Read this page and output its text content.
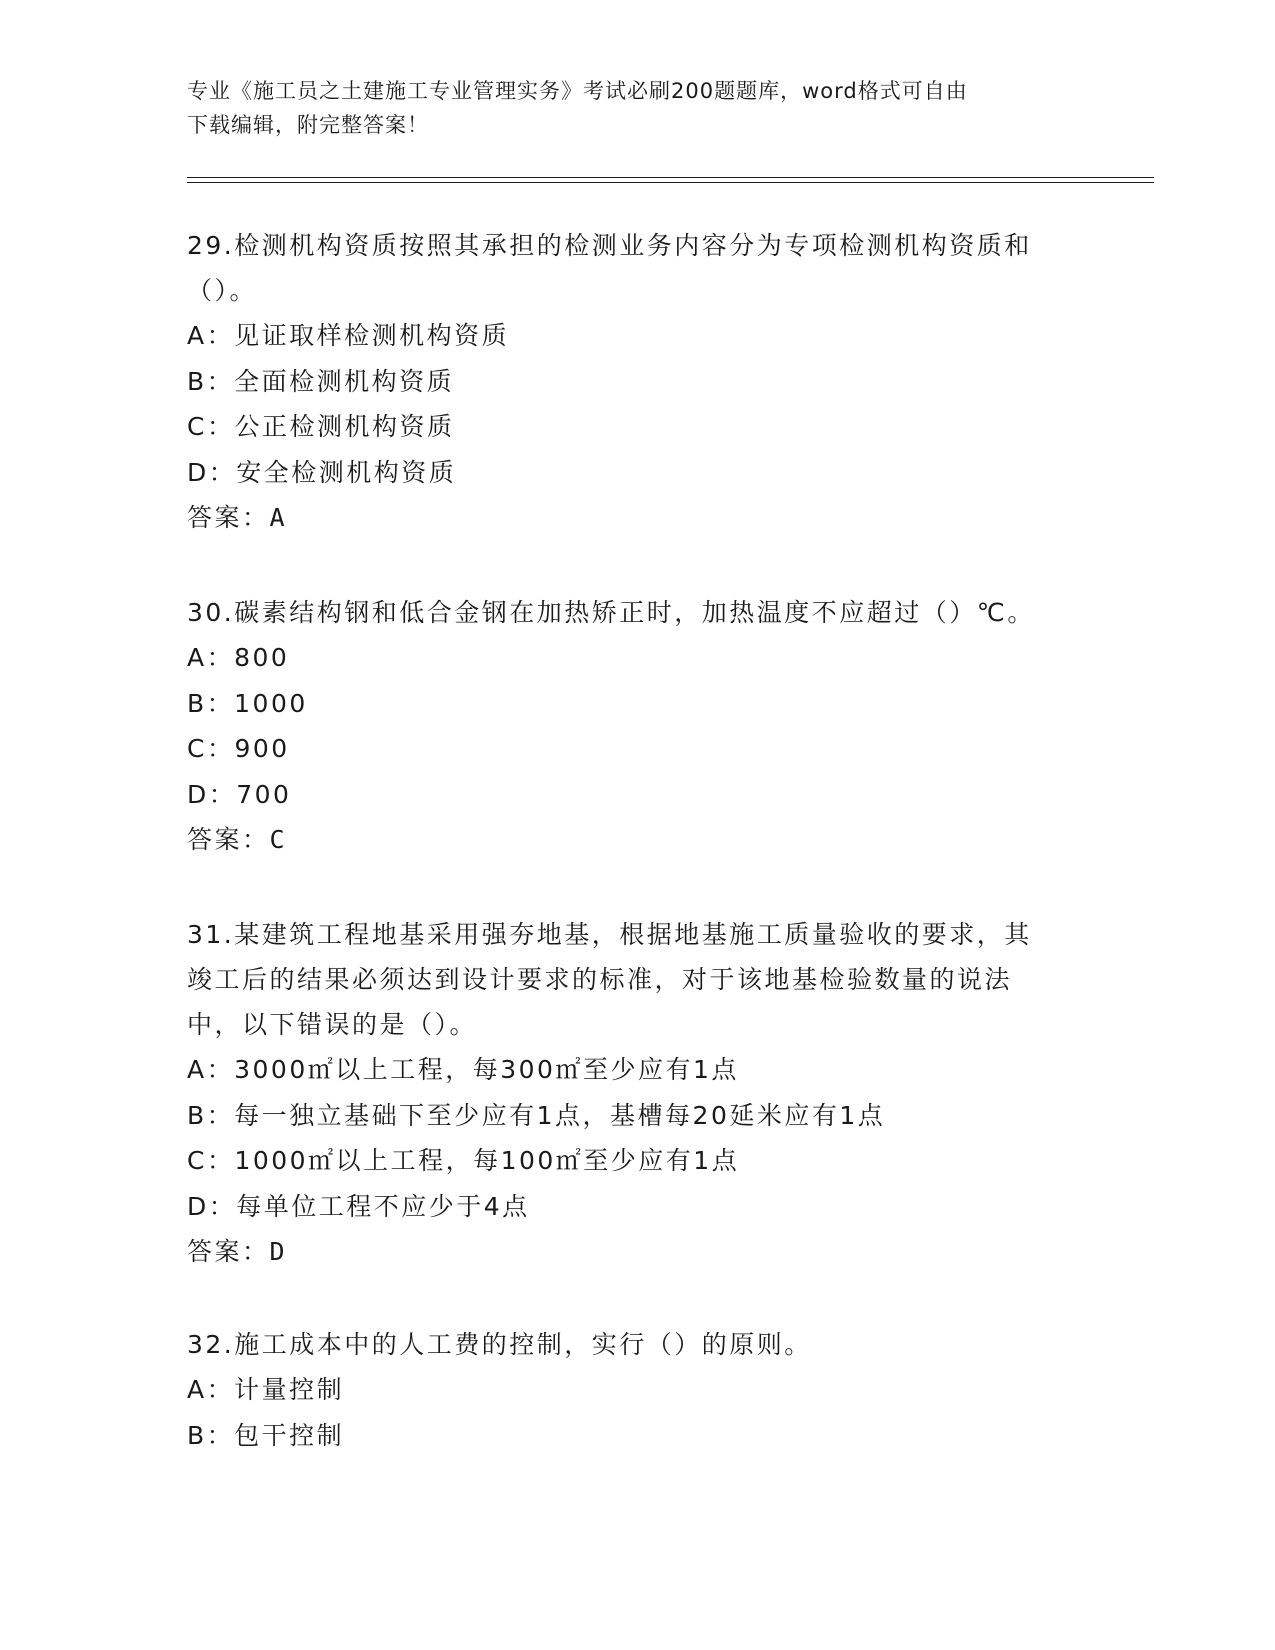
专业《施工员之土建施工专业管理实务》考试必刷200题题库，word格式可自由
下载编辑，附完整答案！
29.检测机构资质按照其承担的检测业务内容分为专项检测机构资质和
（）。
A：见证取样检测机构资质
B：全面检测机构资质
C：公正检测机构资质
D：安全检测机构资质
答案：A
30.碳素结构钢和低合金钢在加热矫正时，加热温度不应超过（）℃。
A：800
B：1000
C：900
D：700
答案：C
31.某建筑工程地基采用强夯地基，根据地基施工质量验收的要求，其
竣工后的结果必须达到设计要求的标准，对于该地基检验数量的说法
中，以下错误的是（）。
A：3000㎡以上工程，每300㎡至少应有1点
B：每一独立基础下至少应有1点，基槽每20延米应有1点
C：1000㎡以上工程，每100㎡至少应有1点
D：每单位工程不应少于4点
答案：D
32.施工成本中的人工费的控制，实行（）的原则。
A：计量控制
B：包干控制
